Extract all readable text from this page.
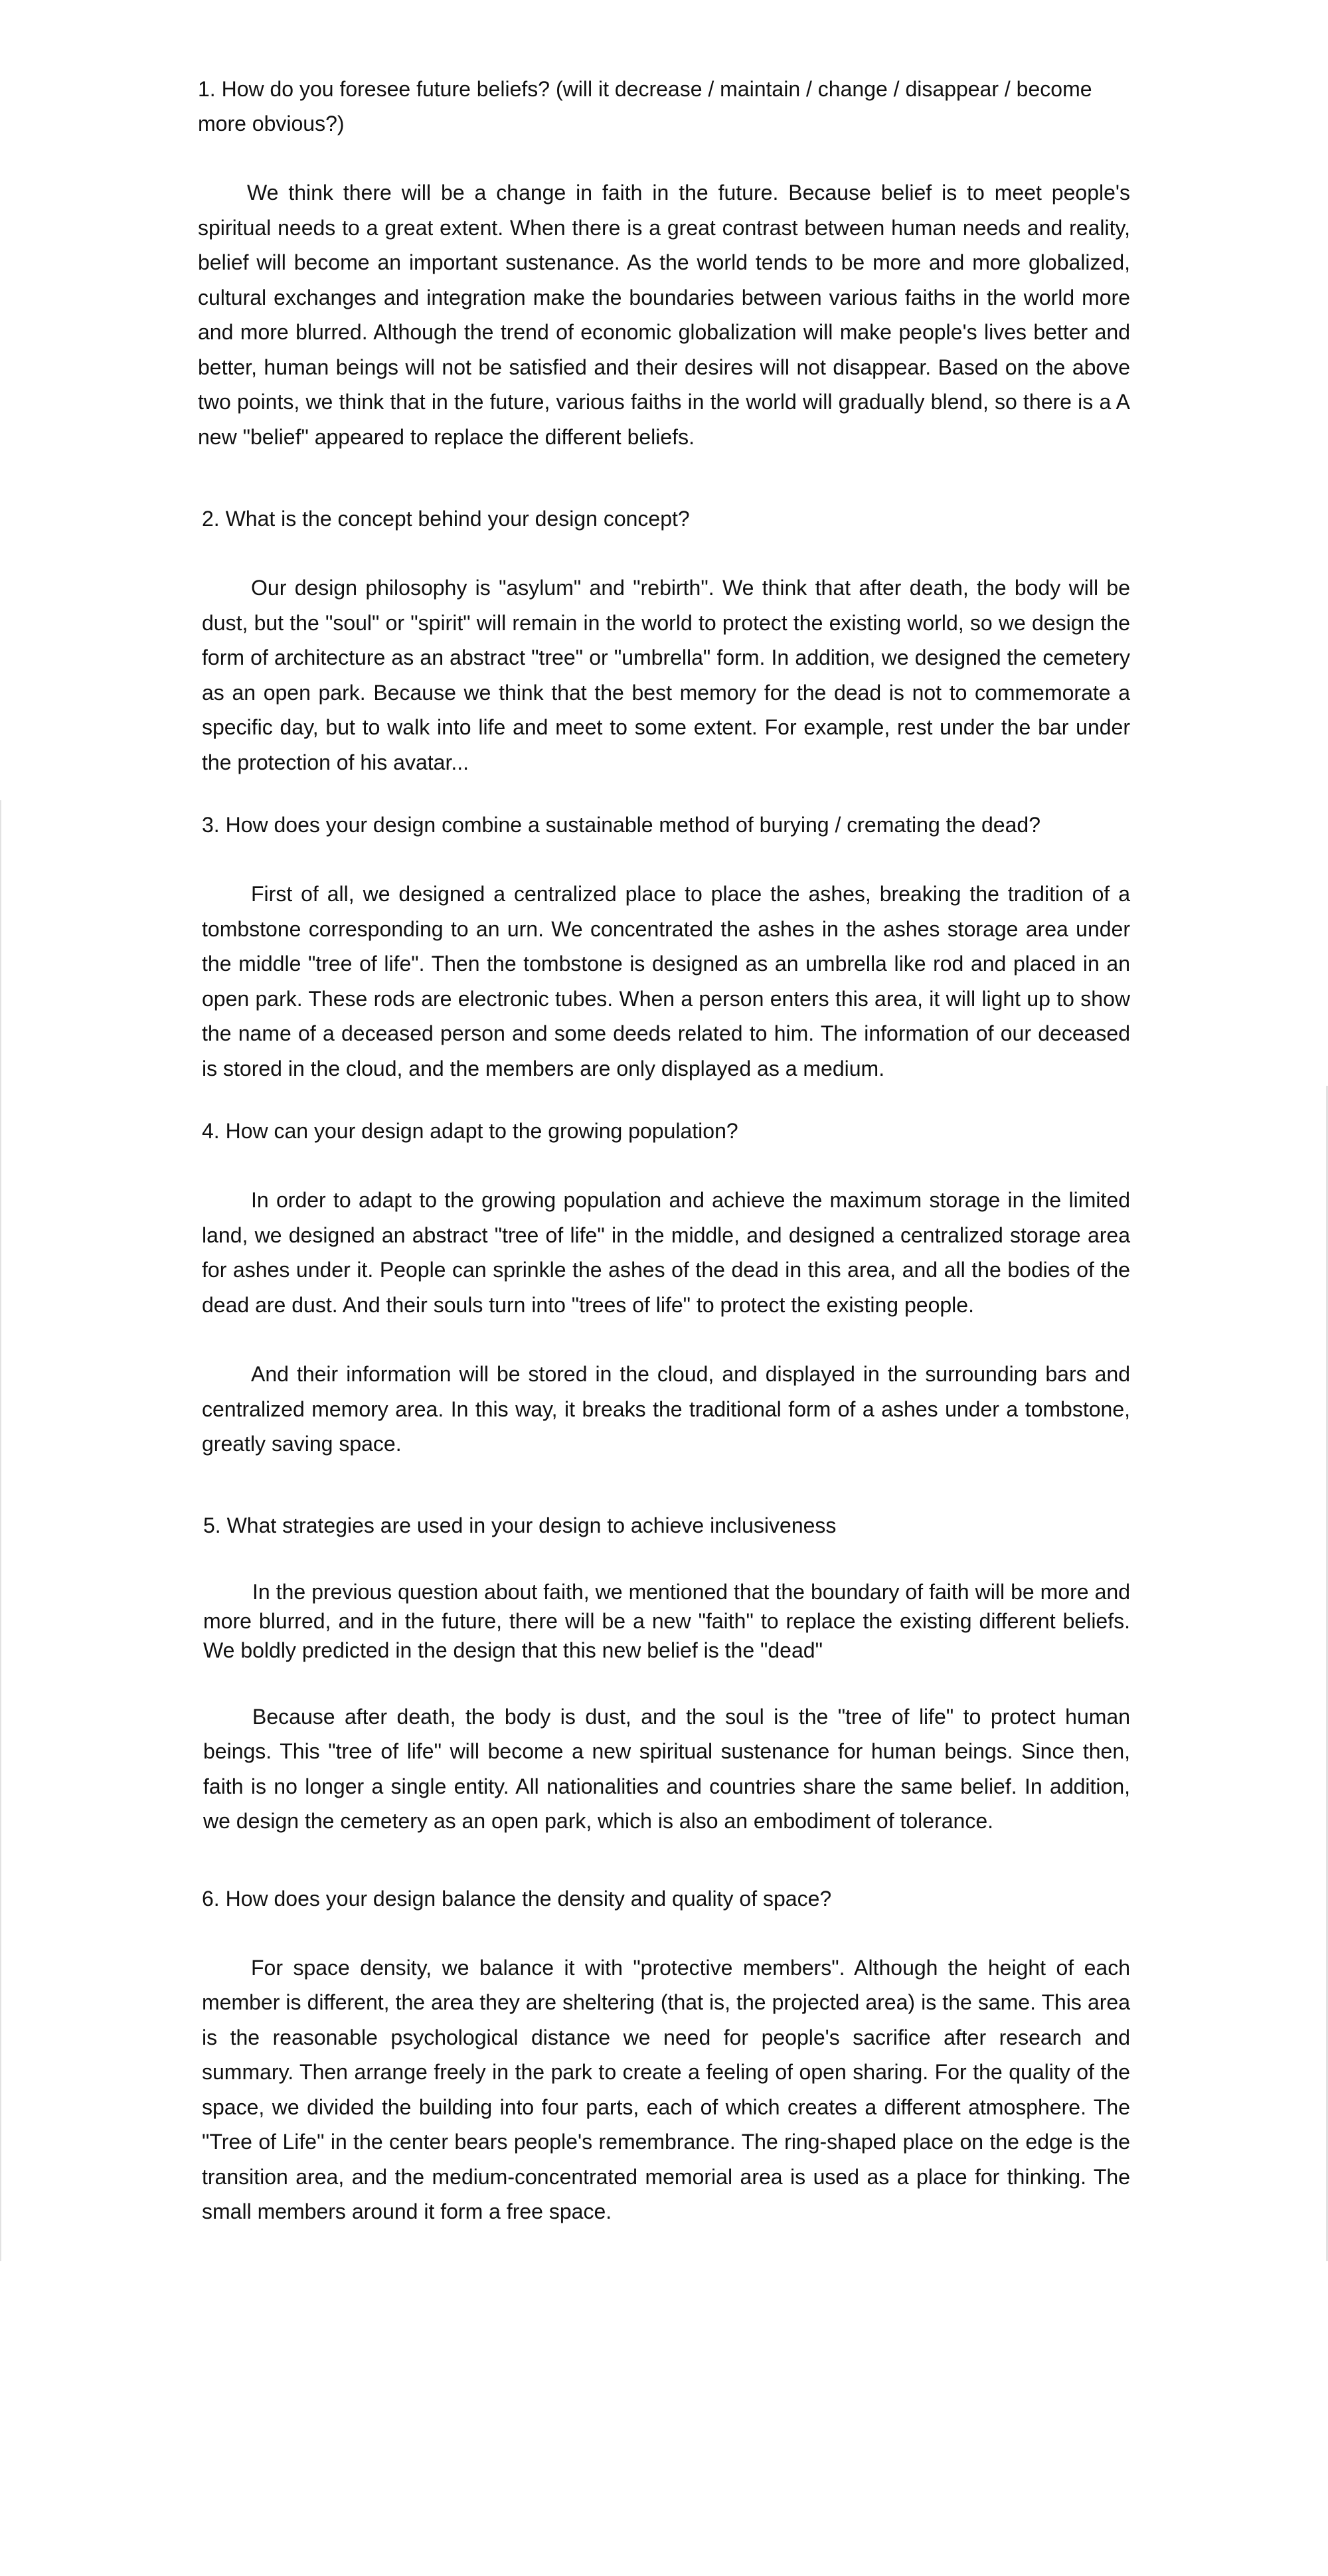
1. How do you foresee future beliefs? (will it decrease / maintain / change / disappear / become more obvious?)

We think there will be a change in faith in the future. Because belief is to meet people's spiritual needs to a great extent. When there is a great contrast between human needs and reality, belief will become an important sustenance. As the world tends to be more and more globalized, cultural exchanges and integration make the boundaries between various faiths in the world more and more blurred. Although the trend of economic globalization will make people's lives better and better, human beings will not be satisfied and their desires will not disappear. Based on the above two points, we think that in the future, various faiths in the world will gradually blend, so there is a A new "belief" appeared to replace the different beliefs.

2. What is the concept behind your design concept?

Our design philosophy is "asylum" and "rebirth". We think that after death, the body will be dust, but the "soul" or "spirit" will remain in the world to protect the existing world, so we design the form of architecture as an abstract "tree" or "umbrella" form. In addition, we designed the cemetery as an open park. Because we think that the best memory for the dead is not to commemorate a specific day, but to walk into life and meet to some extent. For example, rest under the bar under the protection of his avatar...

3. How does your design combine a sustainable method of burying / cremating the dead?

First of all, we designed a centralized place to place the ashes, breaking the tradition of a tombstone corresponding to an urn. We concentrated the ashes in the ashes storage area under the middle "tree of life". Then the tombstone is designed as an umbrella like rod and placed in an open park. These rods are electronic tubes. When a person enters this area, it will light up to show the name of a deceased person and some deeds related to him. The information of our deceased is stored in the cloud, and the members are only displayed as a medium.

4. How can your design adapt to the growing population?

In order to adapt to the growing population and achieve the maximum storage in the limited land, we designed an abstract "tree of life" in the middle, and designed a centralized storage area for ashes under it. People can sprinkle the ashes of the dead in this area, and all the bodies of the dead are dust. And their souls turn into "trees of life" to protect the existing people.

And their information will be stored in the cloud, and displayed in the surrounding bars and centralized memory area. In this way, it breaks the traditional form of a ashes under a tombstone, greatly saving space.

5. What strategies are used in your design to achieve inclusiveness

In the previous question about faith, we mentioned that the boundary of faith will be more and more blurred, and in the future, there will be a new "faith" to replace the existing different beliefs. We boldly predicted in the design that this new belief is the "dead"

Because after death, the body is dust, and the soul is the "tree of life" to protect human beings. This "tree of life" will become a new spiritual sustenance for human beings. Since then, faith is no longer a single entity. All nationalities and countries share the same belief. In addition, we design the cemetery as an open park, which is also an embodiment of tolerance.

6. How does your design balance the density and quality of space?

For space density, we balance it with "protective members". Although the height of each member is different, the area they are sheltering (that is, the projected area) is the same. This area is the reasonable psychological distance we need for people's sacrifice after research and summary. Then arrange freely in the park to create a feeling of open sharing. For the quality of the space, we divided the building into four parts, each of which creates a different atmosphere. The "Tree of Life" in the center bears people's remembrance. The ring-shaped place on the edge is the transition area, and the medium-concentrated memorial area is used as a place for thinking. The small members around it form a free space.
